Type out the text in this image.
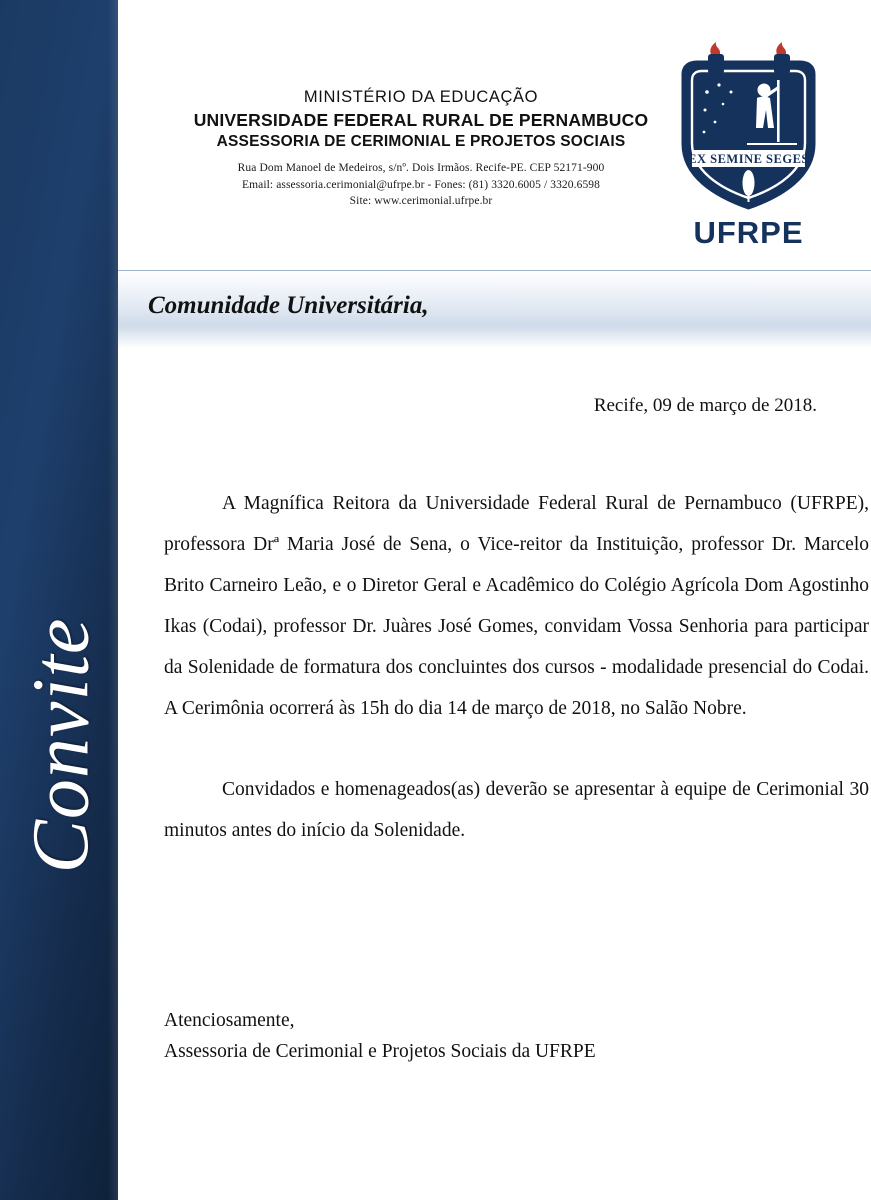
Convite
MINISTÉRIO DA EDUCAÇÃO
UNIVERSIDADE FEDERAL RURAL DE PERNAMBUCO
ASSESSORIA DE CERIMONIAL E PROJETOS SOCIAIS
Rua Dom Manoel de Medeiros, s/nº. Dois Irmãos. Recife-PE. CEP 52171-900
Email: assessoria.cerimonial@ufrpe.br - Fones: (81) 3320.6005 / 3320.6598
Site: www.cerimonial.ufrpe.br
EX SEMINE SEGES
UFRPE
Comunidade Universitária,
Recife, 09 de março de 2018.

A Magnífica Reitora da Universidade Federal Rural de Pernambuco (UFRPE), professora Drª Maria José de Sena, o Vice-reitor da Instituição, professor Dr. Marcelo Brito Carneiro Leão, e o Diretor Geral e Acadêmico do Colégio Agrícola Dom Agostinho Ikas (Codai), professor Dr. Juàres José Gomes, convidam Vossa Senhoria para participar da Solenidade de formatura dos concluintes dos cursos - modalidade presencial do Codai. A Cerimônia ocorrerá às 15h do dia 14 de março de 2018, no Salão Nobre.

Convidados e homenageados(as) deverão se apresentar à equipe de Cerimonial 30 minutos antes do início da Solenidade.

Atenciosamente,
Assessoria de Cerimonial e Projetos Sociais da UFRPE
